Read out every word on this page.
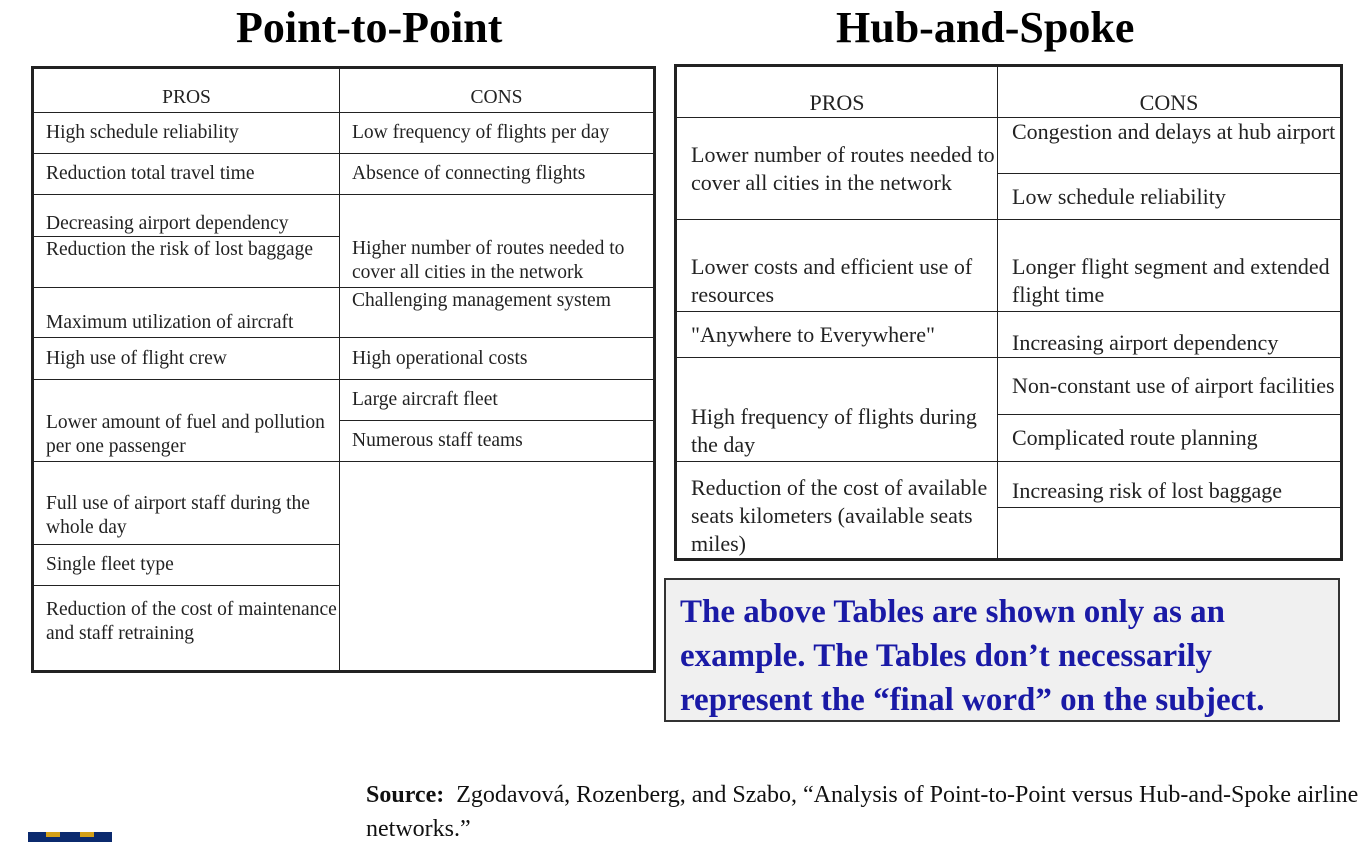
Point-to-Point	Hub-and-Spoke
PROS	CONS
High schedule reliability	Low frequency of flights per day
Reduction total travel time	Absence of connecting flights
Decreasing airport dependency	Higher number of routes needed to cover all cities in the network
Reduction the risk of lost baggage	
Maximum utilization of aircraft	Challenging management system
High use of flight crew	High operational costs
Lower amount of fuel and pollution per one passenger	Large aircraft fleet
	Numerous staff teams
Full use of airport staff during the whole day	
Single fleet type	
Reduction of the cost of maintenance and staff retraining	
PROS	CONS
Lower number of routes needed to cover all cities in the network	Congestion and delays at hub airport
	Low schedule reliability
Lower costs and efficient use of resources	Longer flight segment and extended flight time
"Anywhere to Everywhere"	Increasing airport dependency
High frequency of flights during the day	Non-constant use of airport facilities
	Complicated route planning
Reduction of the cost of available seats kilometers (available seats miles)	Increasing risk of lost baggage

The above Tables are shown only as an example. The Tables don’t necessarily represent the “final word” on the subject.
Source: Zgodavová, Rozenberg, and Szabo, “Analysis of Point-to-Point versus Hub-and-Spoke airline networks.”
